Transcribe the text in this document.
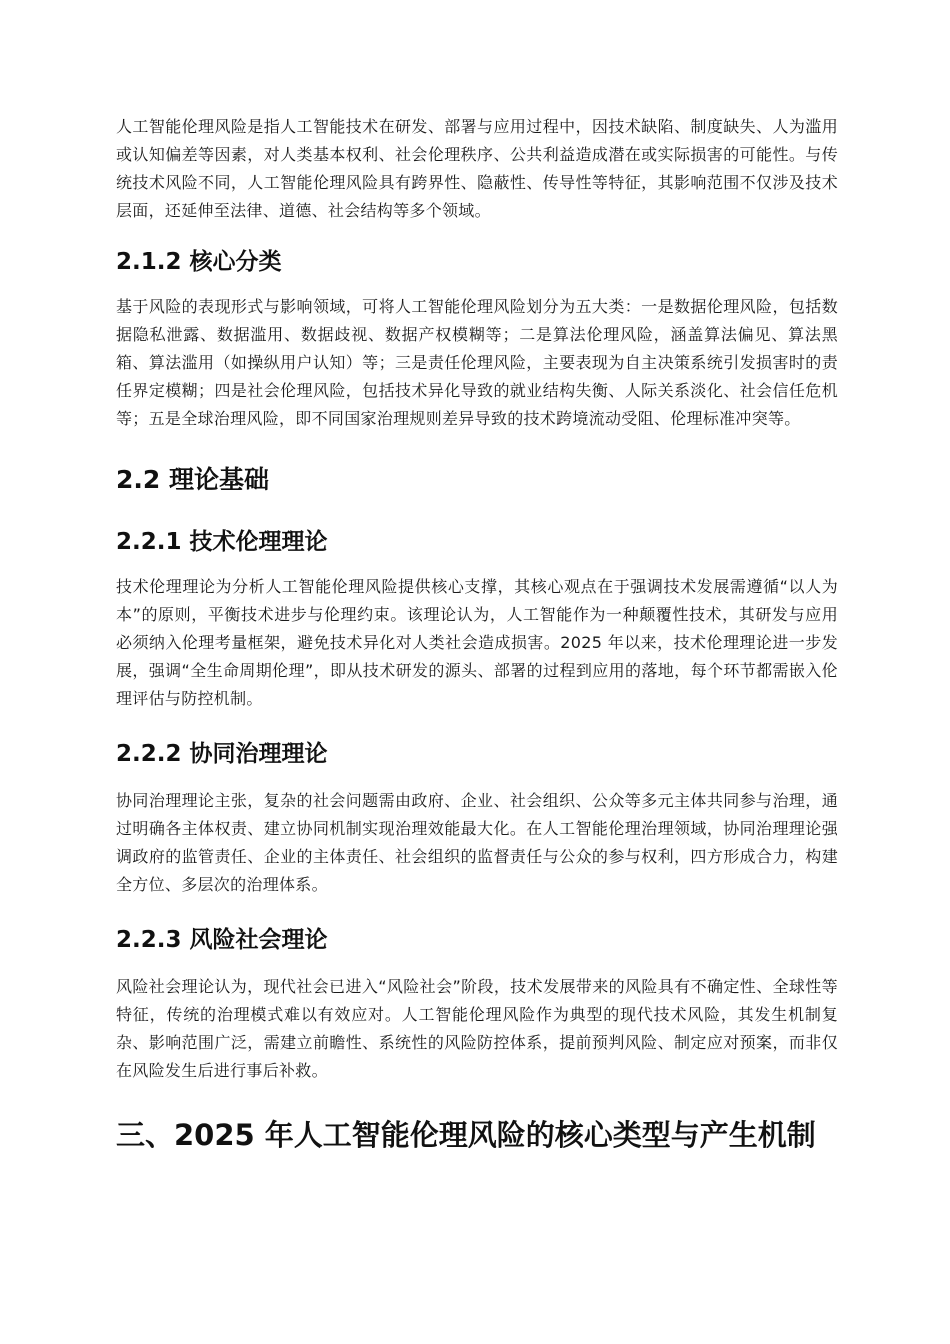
人工智能伦理风险是指人工智能技术在研发、部署与应用过程中，因技术缺陷、制度缺失、人为滥用或认知偏差等因素，对人类基本权利、社会伦理秩序、公共利益造成潜在或实际损害的可能性。与传统技术风险不同，人工智能伦理风险具有跨界性、隐蔽性、传导性等特征，其影响范围不仅涉及技术层面，还延伸至法律、道德、社会结构等多个领域。

2.1.2 核心分类

基于风险的表现形式与影响领域，可将人工智能伦理风险划分为五大类：一是数据伦理风险，包括数据隐私泄露、数据滥用、数据歧视、数据产权模糊等；二是算法伦理风险，涵盖算法偏见、算法黑箱、算法滥用（如操纵用户认知）等；三是责任伦理风险，主要表现为自主决策系统引发损害时的责任界定模糊；四是社会伦理风险，包括技术异化导致的就业结构失衡、人际关系淡化、社会信任危机等；五是全球治理风险，即不同国家治理规则差异导致的技术跨境流动受阻、伦理标准冲突等。

2.2 理论基础
2.2.1 技术伦理理论

技术伦理理论为分析人工智能伦理风险提供核心支撑，其核心观点在于强调技术发展需遵循“以人为本”的原则，平衡技术进步与伦理约束。该理论认为，人工智能作为一种颠覆性技术，其研发与应用必须纳入伦理考量框架，避免技术异化对人类社会造成损害。2025 年以来，技术伦理理论进一步发展，强调“全生命周期伦理”，即从技术研发的源头、部署的过程到应用的落地，每个环节都需嵌入伦理评估与防控机制。

2.2.2 协同治理理论

协同治理理论主张，复杂的社会问题需由政府、企业、社会组织、公众等多元主体共同参与治理，通过明确各主体权责、建立协同机制实现治理效能最大化。在人工智能伦理治理领域，协同治理理论强调政府的监管责任、企业的主体责任、社会组织的监督责任与公众的参与权利，四方形成合力，构建全方位、多层次的治理体系。

2.2.3 风险社会理论

风险社会理论认为，现代社会已进入“风险社会”阶段，技术发展带来的风险具有不确定性、全球性等特征，传统的治理模式难以有效应对。人工智能伦理风险作为典型的现代技术风险，其发生机制复杂、影响范围广泛，需建立前瞻性、系统性的风险防控体系，提前预判风险、制定应对预案，而非仅在风险发生后进行事后补救。

三、2025 年人工智能伦理风险的核心类型与产生机制
